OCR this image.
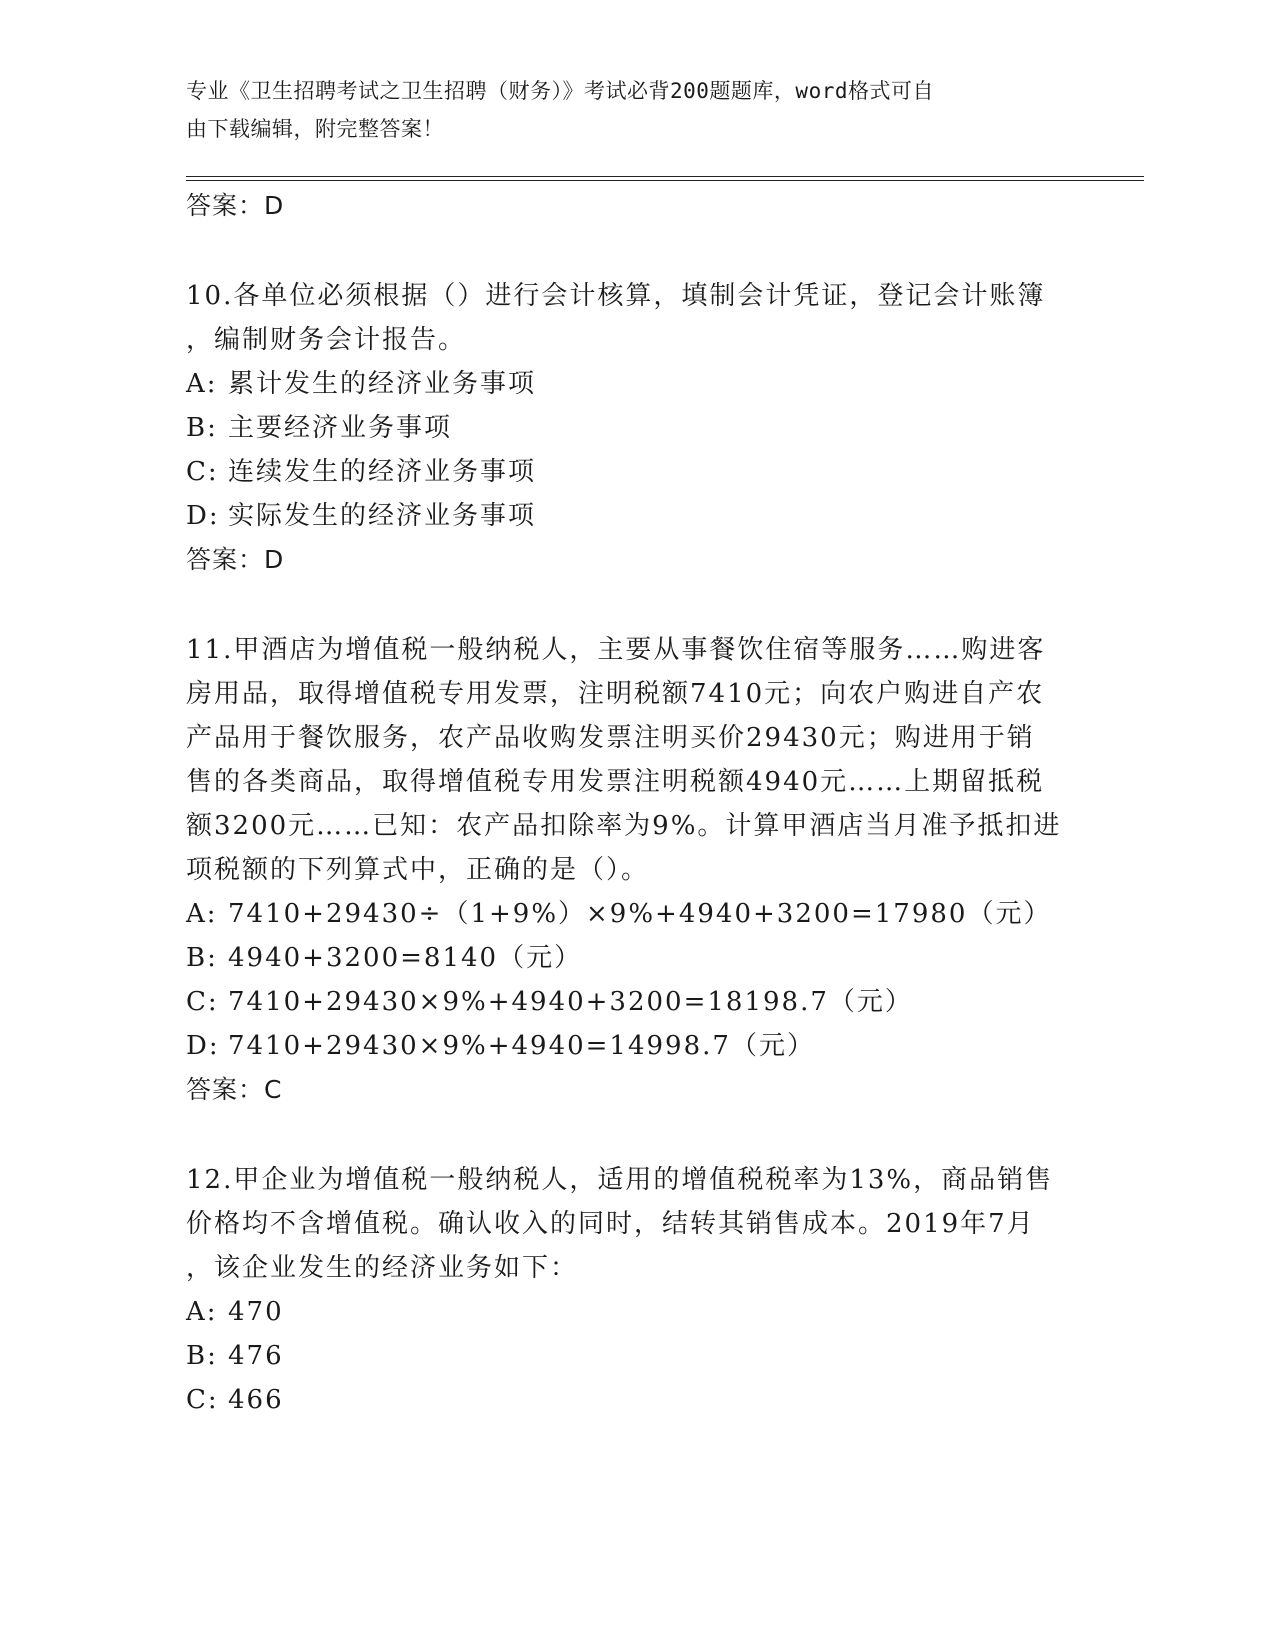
专业《卫生招聘考试之卫生招聘（财务）》考试必背200题题库，word格式可自
由下载编辑，附完整答案！
答案：D
10.各单位必须根据（）进行会计核算，填制会计凭证，登记会计账簿
，编制财务会计报告。
A: 累计发生的经济业务事项
B: 主要经济业务事项
C: 连续发生的经济业务事项
D: 实际发生的经济业务事项
答案：D
11.甲酒店为增值税一般纳税人，主要从事餐饮住宿等服务……购进客
房用品，取得增值税专用发票，注明税额7410元；向农户购进自产农
产品用于餐饮服务，农产品收购发票注明买价29430元；购进用于销
售的各类商品，取得增值税专用发票注明税额4940元……上期留抵税
额3200元……已知：农产品扣除率为9%。计算甲酒店当月准予抵扣进
项税额的下列算式中，正确的是（）。
A: 7410+29430÷（1+9%）×9%+4940+3200=17980（元）
B: 4940+3200=8140（元）
C: 7410+29430×9%+4940+3200=18198.7（元）
D: 7410+29430×9%+4940=14998.7（元）
答案：C
12.甲企业为增值税一般纳税人，适用的增值税税率为13%，商品销售
价格均不含增值税。确认收入的同时，结转其销售成本。2019年7月
，该企业发生的经济业务如下：
A: 470
B: 476
C: 466
